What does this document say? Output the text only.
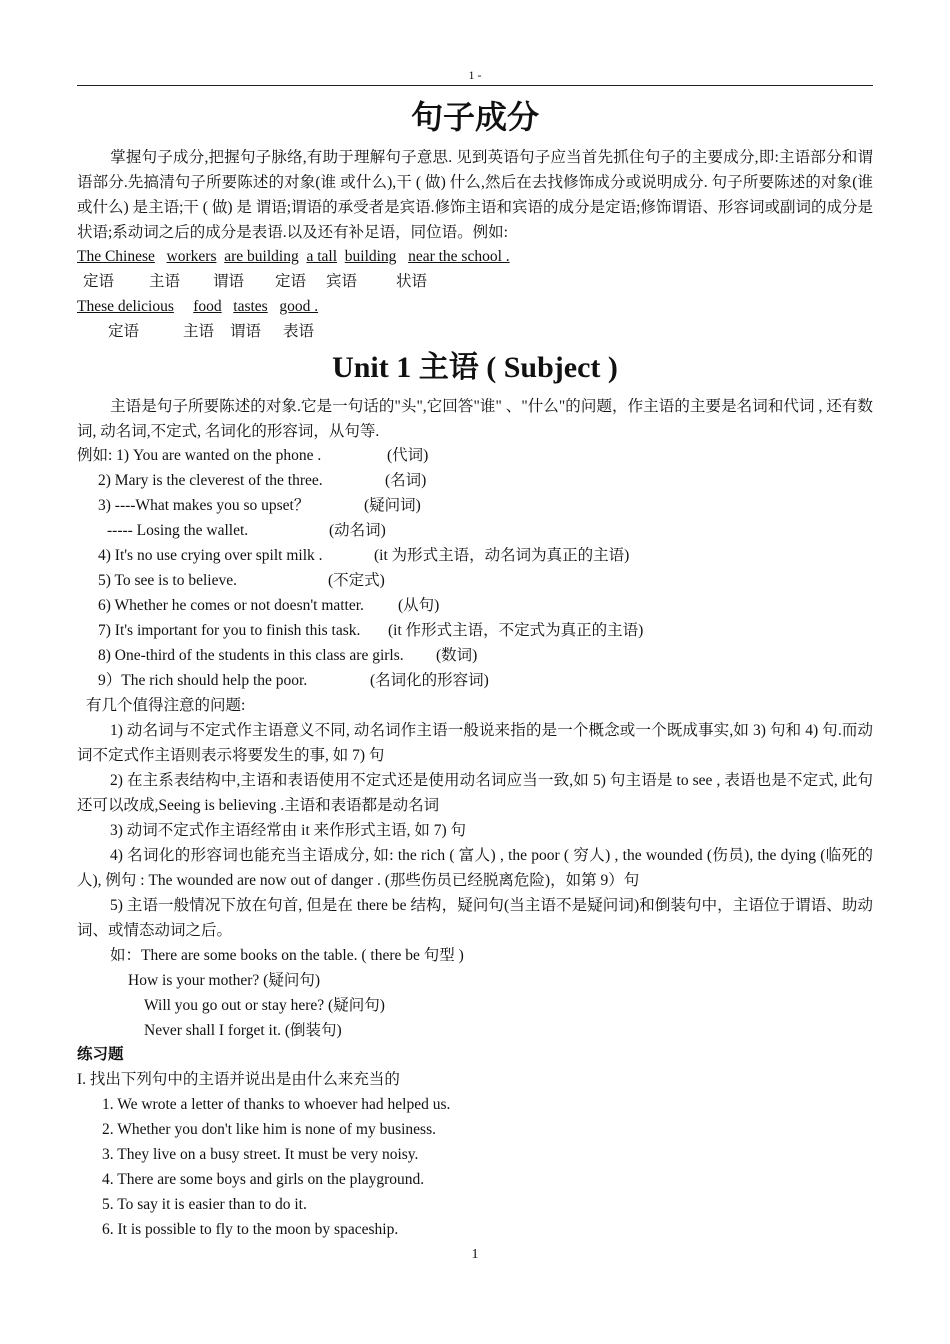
1 -
句子成分
掌握句子成分,把握句子脉络,有助于理解句子意思. 见到英语句子应当首先抓住句子的主要成分,即:主语部分和谓语部分.先搞清句子所要陈述的对象(谁 或什么),干 ( 做) 什么,然后在去找修饰成分或说明成分. 句子所要陈述的对象(谁或什么) 是主语;干 ( 做) 是 谓语;谓语的承受者是宾语.修饰主语和宾语的成分是定语;修饰谓语、形容词或副词的成分是状语;系动词之后的成分是表语.以及还有补足语，同位语。例如:
The Chinese workers are building a tall building near the school .
定语 主语 谓语 定语 宾语	状语
These delicious food tastes good .
定语	主语 谓语 表语
Unit 1 主语 ( Subject )
主语是句子所要陈述的对象.它是一句话的"头",它回答"谁" 、"什么"的问题，作主语的主要是名词和代词 , 还有数词, 动名词,不定式, 名词化的形容词，从句等.
例如: 1) You are wanted on the phone .	(代词)
2) Mary is the cleverest of the three.	(名词)
3) ----What makes you so upset？	(疑问词)
----- Losing the wallet.	(动名词)
4) It's no use crying over spilt milk .	(it 为形式主语，动名词为真正的主语)
5) To see is to believe.	(不定式)
6) Whether he comes or not doesn't matter. (从句)
7) It's important for you to finish this task. (it 作形式主语，不定式为真正的主语)
8) One-third of the students in this class are girls. (数词)
9）The rich should help the poor.	(名词化的形容词)
有几个值得注意的问题:
1) 动名词与不定式作主语意义不同, 动名词作主语一般说来指的是一个概念或一个既成事实,如 3) 句和 4) 句.而动词不定式作主语则表示将要发生的事, 如 7) 句
2) 在主系表结构中,主语和表语使用不定式还是使用动名词应当一致,如 5) 句主语是 to see , 表语也是不定式, 此句还可以改成,Seeing is believing .主语和表语都是动名词
3) 动词不定式作主语经常由 it 来作形式主语, 如 7) 句
4) 名词化的形容词也能充当主语成分, 如: the rich ( 富人) , the poor ( 穷人) , the wounded (伤员), the dying (临死的人), 例句 : The wounded are now out of danger . (那些伤员已经脱离危险)，如第 9）句
5) 主语一般情况下放在句首, 但是在 there be 结构，疑问句(当主语不是疑问词)和倒装句中，主语位于谓语、助动词、或情态动词之后。
如：There are some books on the table. ( there be 句型 )
How is your mother? (疑问句)
Will you go out or stay here? (疑问句)
Never shall I forget it. (倒装句)
练习题
I. 找出下列句中的主语并说出是由什么来充当的
1. We wrote a letter of thanks to whoever had helped us.
2. Whether you don't like him is none of my business.
3. They live on a busy street. It must be very noisy.
4. There are some boys and girls on the playground.
5. To say it is easier than to do it.
6. It is possible to fly to the moon by spaceship.
1
